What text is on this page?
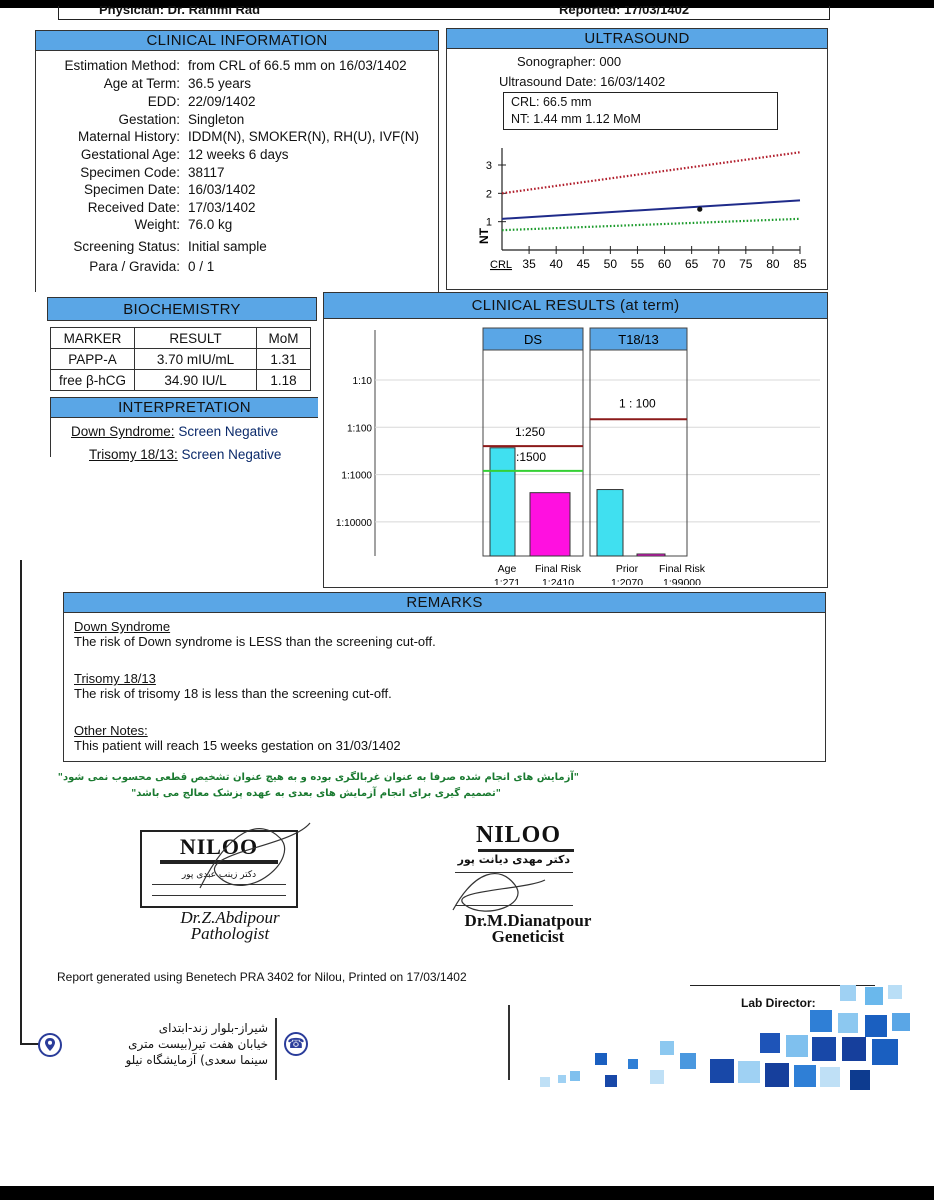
Physician: Dr. Rahimi Rad	Reported: 17/03/1402
CLINICAL INFORMATION
Estimation Method: from CRL of 66.5 mm on 16/03/1402
Age at Term: 36.5 years
EDD: 22/09/1402
Gestation: Singleton
Maternal History: IDDM(N), SMOKER(N), RH(U), IVF(N)
Gestational Age: 12 weeks 6 days
Specimen Code: 38117
Specimen Date: 16/03/1402
Received Date: 17/03/1402
Weight: 76.0 kg
Screening Status: Initial sample
Para / Gravida: 0 / 1
ULTRASOUND
Sonographer: 000
Ultrasound Date: 16/03/1402
CRL: 66.5 mm
NT: 1.44 mm 1.12 MoM
1
2
3
35 40 45 50 55 60 65 70 75 80 85
NT
CRL
BIOCHEMISTRY
MARKER	RESULT	MoM
PAPP-A	3.70 mIU/mL	1.31
free β-hCG	34.90 IU/L	1.18
INTERPRETATION
Down Syndrome: Screen Negative
Trisomy 18/13: Screen Negative
CLINICAL RESULTS (at term)
1:10
1:100
1:1000
1:10000
DS	T18/13
1:250
1 : 100
:1500
Age
1:271
Final Risk
1:2410
Prior
1:2070
Final Risk
1:99000
REMARKS
Down Syndrome
The risk of Down syndrome is LESS than the screening cut-off.
Trisomy 18/13
The risk of trisomy 18 is less than the screening cut-off.
Other Notes:
This patient will reach 15 weeks gestation on 31/03/1402
"آزمایش های انجام شده صرفا به عنوان غربالگری بوده و به هیچ عنوان تشخیص قطعی محسوب نمی شود"
"تصمیم گیری برای انجام آزمایش های بعدی به عهده پزشک معالج می باشد"
NILOO
دکتر زینب عبدی پور
Dr.Z.Abdipour
Pathologist
NILOO
دکتر مهدی دیانت پور
Dr.M.Dianatpour
Geneticist
Report generated using Benetech PRA 3402 for Nilou, Printed on 17/03/1402
Lab Director:
شیراز-بلوار زند-ابتدای
خیابان هفت تیر(بیست متری
سینما سعدی) آزمایشگاه نیلو
☎
